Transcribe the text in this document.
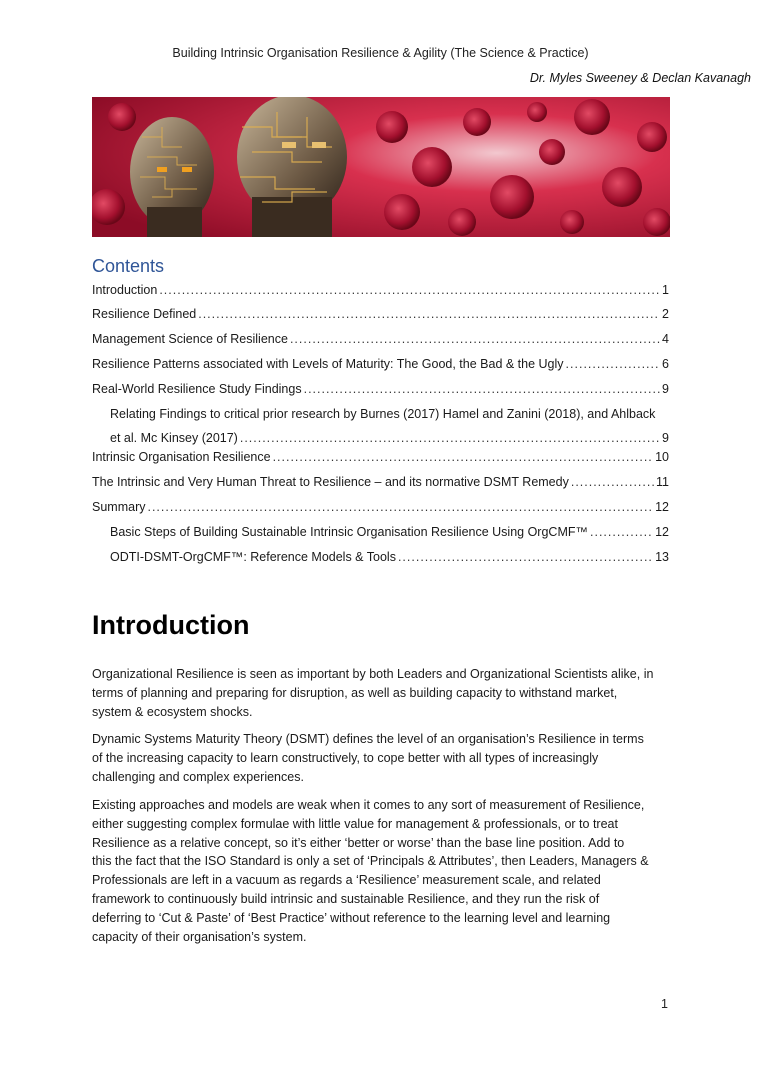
Building Intrinsic Organisation Resilience & Agility (The Science & Practice)
Dr. Myles Sweeney & Declan Kavanagh
Contents
Introduction .....	1
Resilience Defined .....	2
Management Science of Resilience .....	4
Resilience Patterns associated with Levels of Maturity: The Good, the Bad & the Ugly .....	6
Real-World Resilience Study Findings .....	9
Relating Findings to critical prior research by Burnes (2017) Hamel and Zanini (2018), and Ahlback
et al. Mc Kinsey (2017) .....	9
Intrinsic Organisation Resilience .....	10
The Intrinsic and Very Human Threat to Resilience – and its normative DSMT Remedy .....	11
Summary .....	12
Basic Steps of Building Sustainable Intrinsic Organisation Resilience Using OrgCMF™ .....	12
ODTI-DSMT-OrgCMF™: Reference Models & Tools .....	13
Introduction
Organizational Resilience is seen as important by both Leaders and Organizational Scientists alike, in
terms of planning and preparing for disruption, as well as building capacity to withstand market,
system & ecosystem shocks.
Dynamic Systems Maturity Theory (DSMT) defines the level of an organisation’s Resilience in terms
of the increasing capacity to learn constructively, to cope better with all types of increasingly
challenging and complex experiences.
Existing approaches and models are weak when it comes to any sort of measurement of Resilience,
either suggesting complex formulae with little value for management & professionals, or to treat
Resilience as a relative concept, so it’s either ‘better or worse’ than the base line position. Add to
this the fact that the ISO Standard is only a set of ‘Principals & Attributes’, then Leaders, Managers &
Professionals are left in a vacuum as regards a ‘Resilience’ measurement scale, and related
framework to continuously build intrinsic and sustainable Resilience, and they run the risk of
deferring to ‘Cut & Paste’ of ‘Best Practice’ without reference to the learning level and learning
capacity of their organisation’s system.
1
